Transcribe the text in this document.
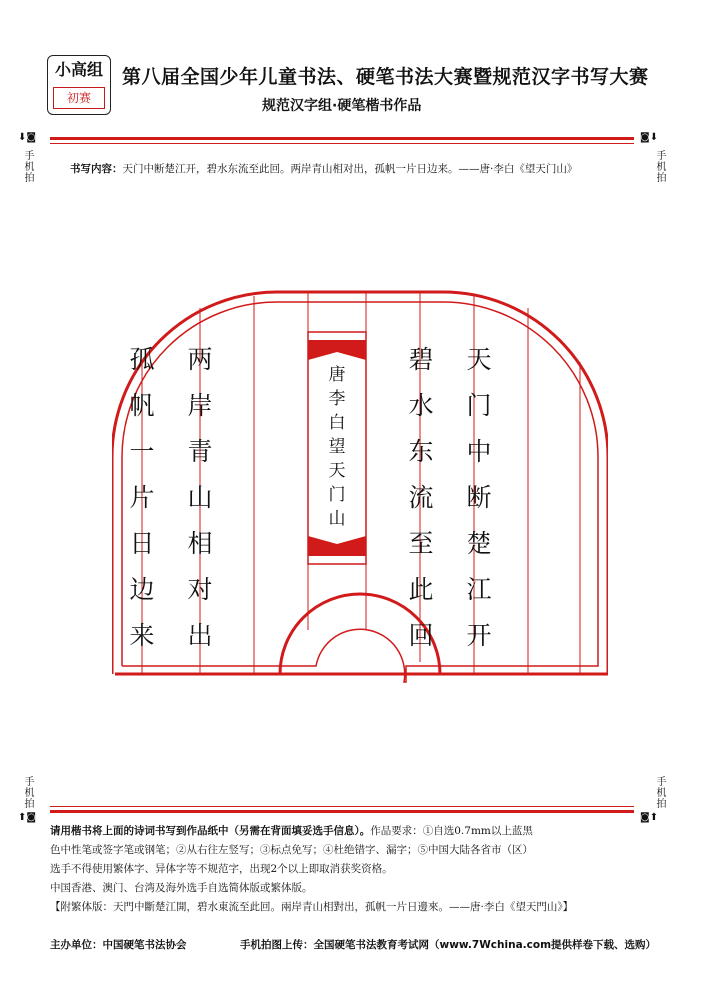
小高组
初赛
第八届全国少年儿童书法、硬笔书法大赛暨规范汉字书写大赛
规范汉字组·硬笔楷书作品
⬇◙
手机拍
◙⬇
手机拍
书写内容：天门中断楚江开，碧水东流至此回。两岸青山相对出，孤帆一片日边来。——唐·李白《望天门山》
天
门
中
断
楚
江
开
碧
水
东
流
至
此
回
两
岸
青
山
相
对
出
孤
帆
一
片
日
边
来
唐
李
白
望
天
门
山
手机拍
⬆◙
手机拍
◙⬆
请用楷书将上面的诗词书写到作品纸中（另需在背面填妥选手信息）。作品要求：①自选0.7mm以上蓝黑
色中性笔或签字笔或钢笔；②从右往左竖写；③标点免写；④杜绝错字、漏字；⑤中国大陆各省市（区）
选手不得使用繁体字、异体字等不规范字，出现2个以上即取消获奖资格。
中国香港、澳门、台湾及海外选手自选简体版或繁体版。
【附繁体版：天門中斷楚江開，碧水東流至此回。兩岸青山相對出，孤帆一片日邊來。——唐·李白《望天門山》】
主办单位：中国硬笔书法协会	手机拍图上传：全国硬笔书法教育考试网（www.7Wchina.com提供样卷下载、选购）
